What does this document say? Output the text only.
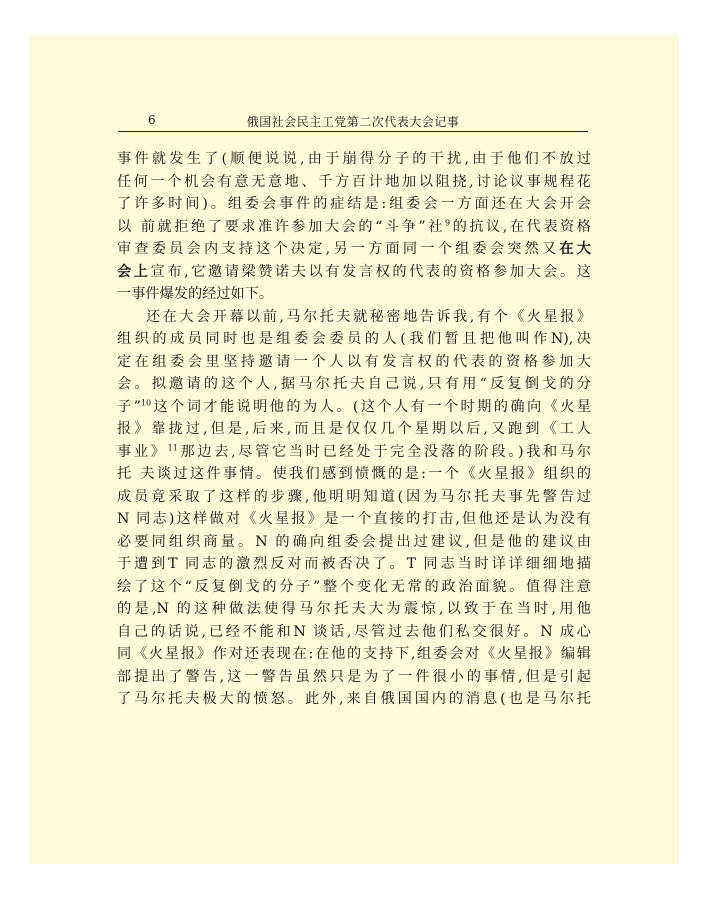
6	俄国社会民主工党第二次代表大会记事

事件就发生了(顺便说说,由于崩得分子的干扰,由于他们不放过
任何一个机会有意无意地、千方百计地加以阻挠,讨论议事规程花
了许多时间)。组委会事件的症结是:组委会一方面还在大会开会
以 前就拒绝了要求准许参加大会的“斗争”社$^9$的抗议,在代表资格
审查委员会内支持这个决定,另一方面同一个组委会突然又在大
会上宣布,它邀请梁赞诺夫以有发言权的代表的资格参加大会。这
一事件爆发的经过如下。

还在大会开幕以前,马尔托夫就秘密地告诉我,有个《火星报》
组织的成员同时也是组委会委员的人(我们暂且把他叫作N),决
定在组委会里坚持邀请一个人以有发言权的代表的资格参加大
会。拟邀请的这个人,据马尔托夫自己说,只有用“反复倒戈的分
子”$^{10}$这个词才能说明他的为人。(这个人有一个时期的确向《火星
报》靠拢过,但是,后来,而且是仅仅几个星期以后,又跑到《工人
事业》$^{11}$那边去,尽管它当时已经处于完全没落的阶段。)我和马尔
托 夫谈过这件事情。使我们感到愤慨的是:一个《火星报》组织的
成员竟采取了这样的步骤,他明明知道(因为马尔托夫事先警告过
N 同志)这样做对《火星报》是一个直接的打击,但他还是认为没有
必要同组织商量。N 的确向组委会提出过建议,但是他的建议由
于遭到T 同志的激烈反对而被否决了。T 同志当时详详细细地描
绘了这个“反复倒戈的分子”整个变化无常的政治面貌。值得注意
的是,N 的这种做法使得马尔托夫大为震惊,以致于在当时,用他
自己的话说,已经不能和N 谈话,尽管过去他们私交很好。N 成心
同《火星报》作对还表现在:在他的支持下,组委会对《火星报》编辑
部提出了警告,这一警告虽然只是为了一件很小的事情,但是引起
了马尔托夫极大的愤怒。此外,来自俄国国内的消息(也是马尔托
